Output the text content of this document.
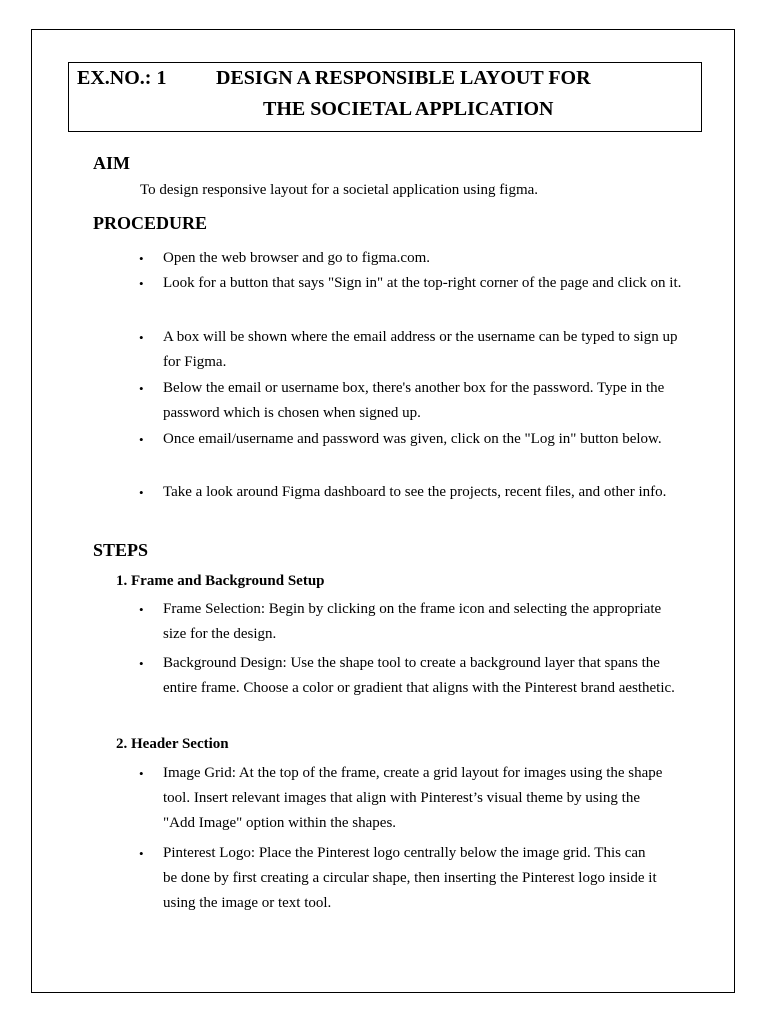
EX.NO.: 1 DESIGN A RESPONSIBLE LAYOUT FOR
THE SOCIETAL APPLICATION
AIM
To design responsive layout for a societal application using figma.
PROCEDURE
• Open the web browser and go to figma.com.
• Look for a button that says "Sign in" at the top-right corner of the page and click on it.
• A box will be shown where the email address or the username can be typed to sign up for Figma.
• Below the email or username box, there's another box for the password. Type in the password which is chosen when signed up.
• Once email/username and password was given, click on the "Log in" button below.
• Take a look around Figma dashboard to see the projects, recent files, and other info.
STEPS
1. Frame and Background Setup
• Frame Selection: Begin by clicking on the frame icon and selecting the appropriate size for the design.
• Background Design: Use the shape tool to create a background layer that spans the entire frame. Choose a color or gradient that aligns with the Pinterest brand aesthetic.
2. Header Section
• Image Grid: At the top of the frame, create a grid layout for images using the shape tool. Insert relevant images that align with Pinterest’s visual theme by using the "Add Image" option within the shapes.
• Pinterest Logo: Place the Pinterest logo centrally below the image grid. This can be done by first creating a circular shape, then inserting the Pinterest logo inside it using the image or text tool.
